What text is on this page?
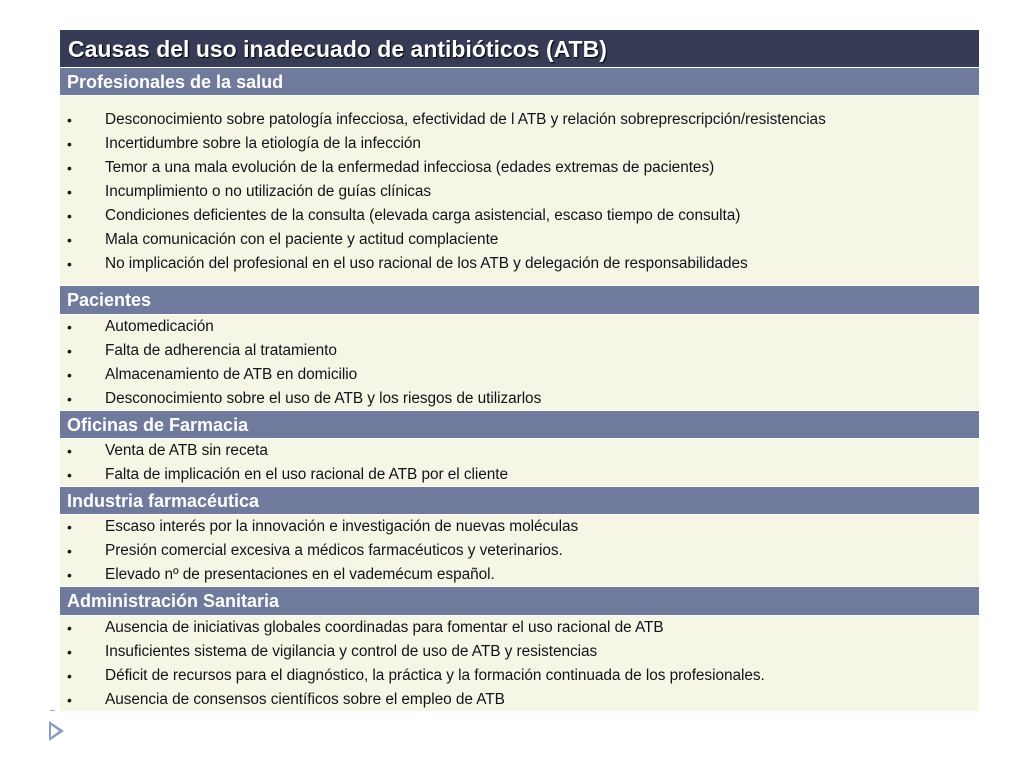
Causas del uso inadecuado de antibióticos (ATB)
Profesionales de la salud
• Desconocimiento sobre patología infecciosa, efectividad de l ATB y relación sobreprescripción/resistencias
• Incertidumbre sobre la etiología de la infección
• Temor a una mala evolución de la enfermedad infecciosa (edades extremas de pacientes)
• Incumplimiento o no utilización de guías clínicas
• Condiciones deficientes de la consulta (elevada carga asistencial, escaso tiempo de consulta)
• Mala comunicación con el paciente y actitud complaciente
• No implicación del profesional en el uso racional de los ATB y delegación de responsabilidades
Pacientes
• Automedicación
• Falta de adherencia al tratamiento
• Almacenamiento de ATB en domicilio
• Desconocimiento sobre el uso de ATB y los riesgos de utilizarlos
Oficinas de Farmacia
• Venta de ATB sin receta
• Falta de implicación en el uso racional de ATB por el cliente
Industria farmacéutica
• Escaso interés por la innovación e investigación de nuevas moléculas
• Presión comercial excesiva a médicos farmacéuticos y veterinarios.
• Elevado nº de presentaciones en el vademécum español.
Administración Sanitaria
• Ausencia de iniciativas globales coordinadas para fomentar el uso racional de ATB
• Insuficientes sistema de vigilancia y control de uso de ATB y resistencias
• Déficit de recursos para el diagnóstico, la práctica y la formación continuada de los profesionales.
• Ausencia de consensos científicos sobre el empleo de ATB
